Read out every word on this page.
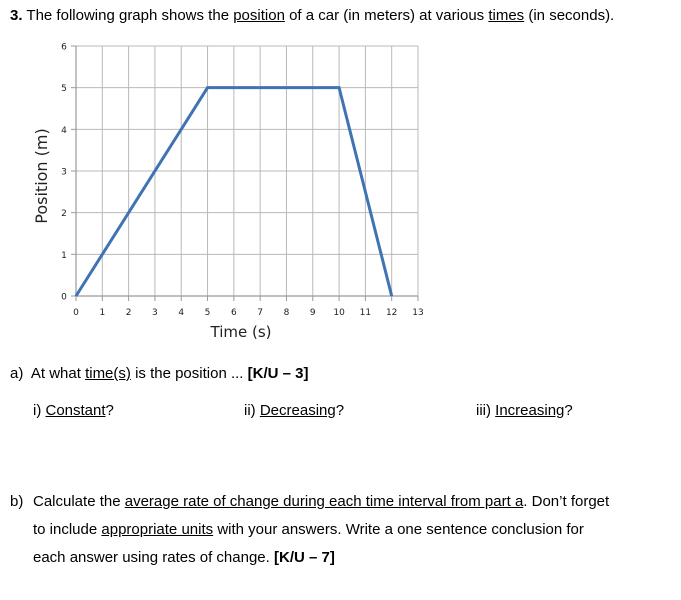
3. The following graph shows the position of a car (in meters) at various times (in seconds).
0
1
2
3
4
5
6
0 1 2 3 4 5 6 7 8 9 10 11 12 13
Time (s)
Position (m)
a) At what time(s) is the position ... [K/U – 3]
i) Constant?	ii) Decreasing?	iii) Increasing?
b) Calculate the average rate of change during each time interval from part a. Don’t forget
to include appropriate units with your answers. Write a one sentence conclusion for
each answer using rates of change. [K/U – 7]
